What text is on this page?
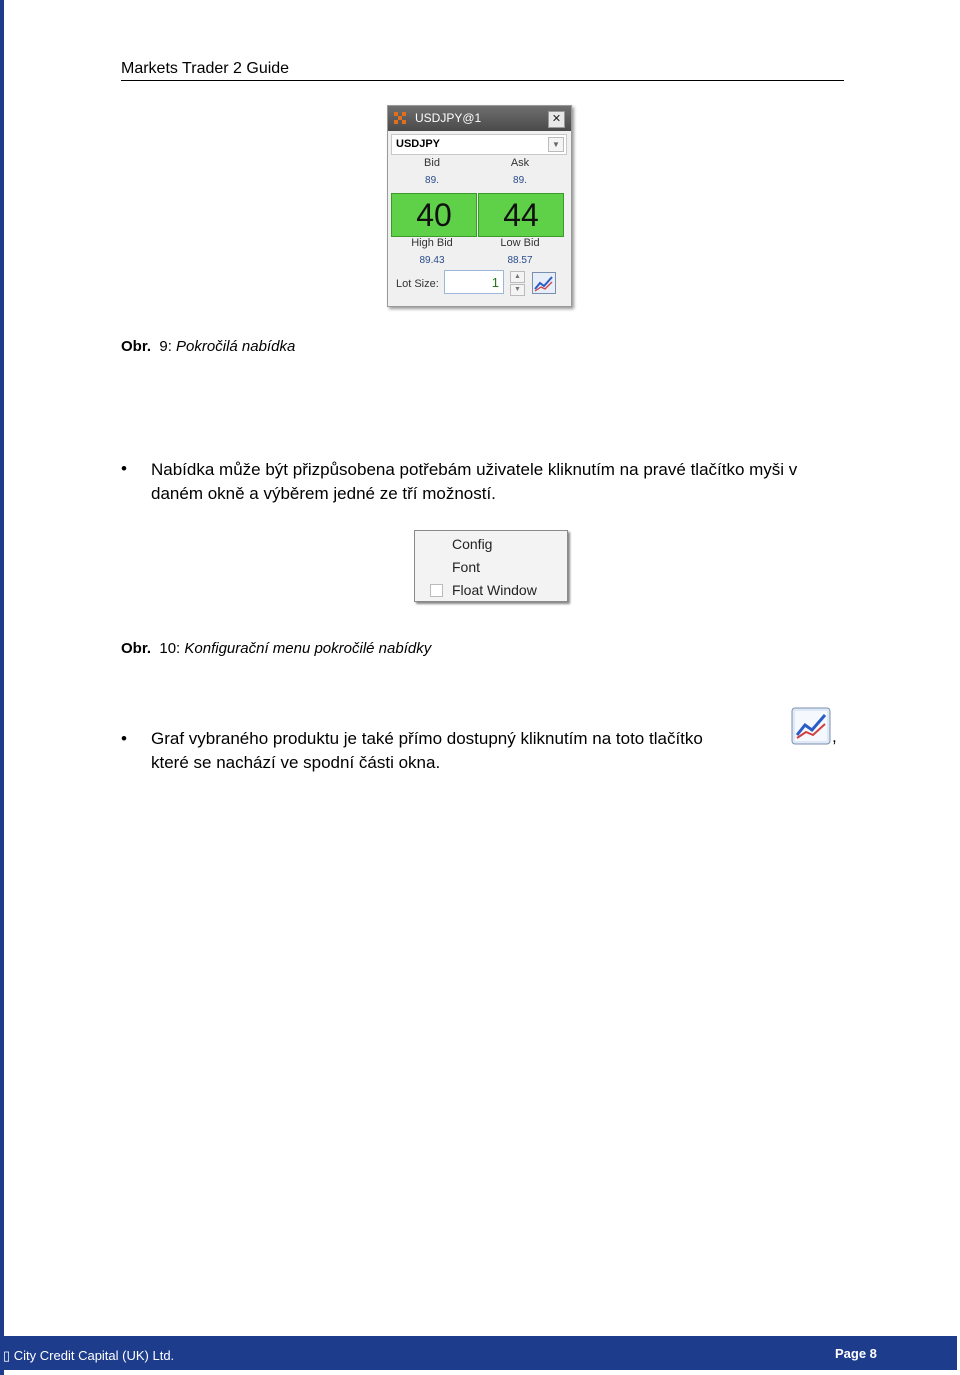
Markets Trader 2 Guide
USDJPY@1	✕
USDJPY	▼
Bid	Ask
89.	89.
40	44
High Bid	Low Bid
89.43	88.57
Lot Size:	1	▲
▼
Obr. 9: Pokročilá nabídka
• Nabídka může být přizpůsobena potřebám uživatele kliknutím na pravé tlačítko myši v daném okně a výběrem jedné ze tří možností.
Config
Font
Float Window
Obr. 10: Konfigurační menu pokročilé nabídky
• Graf vybraného produktu je také přímo dostupný kliknutím na toto tlačítko	,
které se nachází ve spodní části okna.
▯ City Credit Capital (UK) Ltd.	Page 8
